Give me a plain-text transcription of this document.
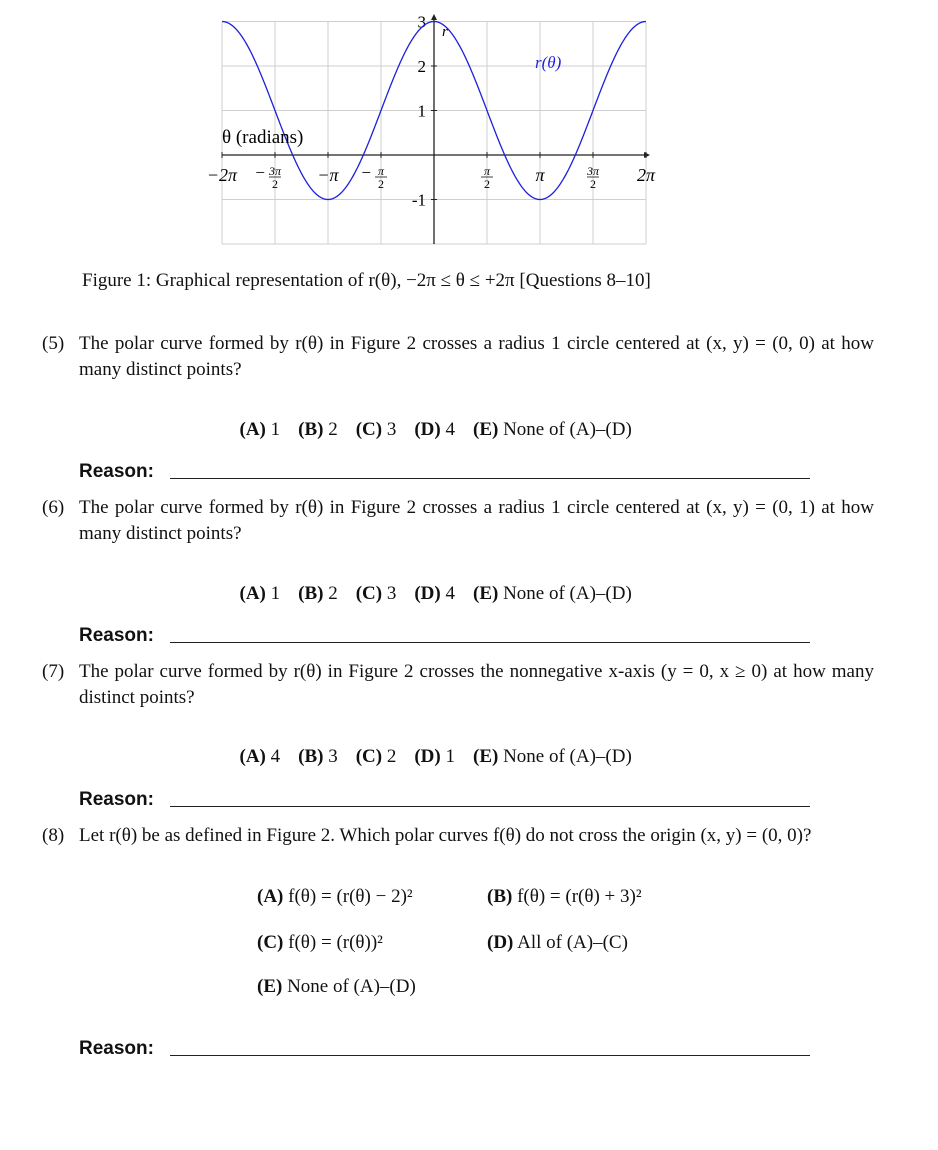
−2π − 3π
2 −π − π
2
π
2	π	3π
2 2π
-1
1
2
3
θ (radians)
r
r(θ)
Figure 1: Graphical representation of r(θ), −2π ≤ θ ≤ +2π [Questions 8–10]
(5) The polar curve formed by r(θ) in Figure 2 crosses a radius 1 circle centered at (x, y) = (0, 0) at how many distinct points?

(A) 1 (B) 2 (C) 3 (D) 4 (E) None of (A)–(D)

Reason:
(6) The polar curve formed by r(θ) in Figure 2 crosses a radius 1 circle centered at (x, y) = (0, 1) at how many distinct points?

(A) 1 (B) 2 (C) 3 (D) 4 (E) None of (A)–(D)

Reason:
(7) The polar curve formed by r(θ) in Figure 2 crosses the nonnegative x-axis (y = 0, x ≥ 0) at how many distinct points?

(A) 4 (B) 3 (C) 2 (D) 1 (E) None of (A)–(D)

Reason:
(8) Let r(θ) be as defined in Figure 2. Which polar curves f(θ) do not cross the origin (x, y) = (0, 0)?
(A) f(θ) = (r(θ) − 2)²	(B) f(θ) = (r(θ) + 3)²
(C) f(θ) = (r(θ))²	(D) All of (A)–(C)
(E) None of (A)–(D)
Reason:
